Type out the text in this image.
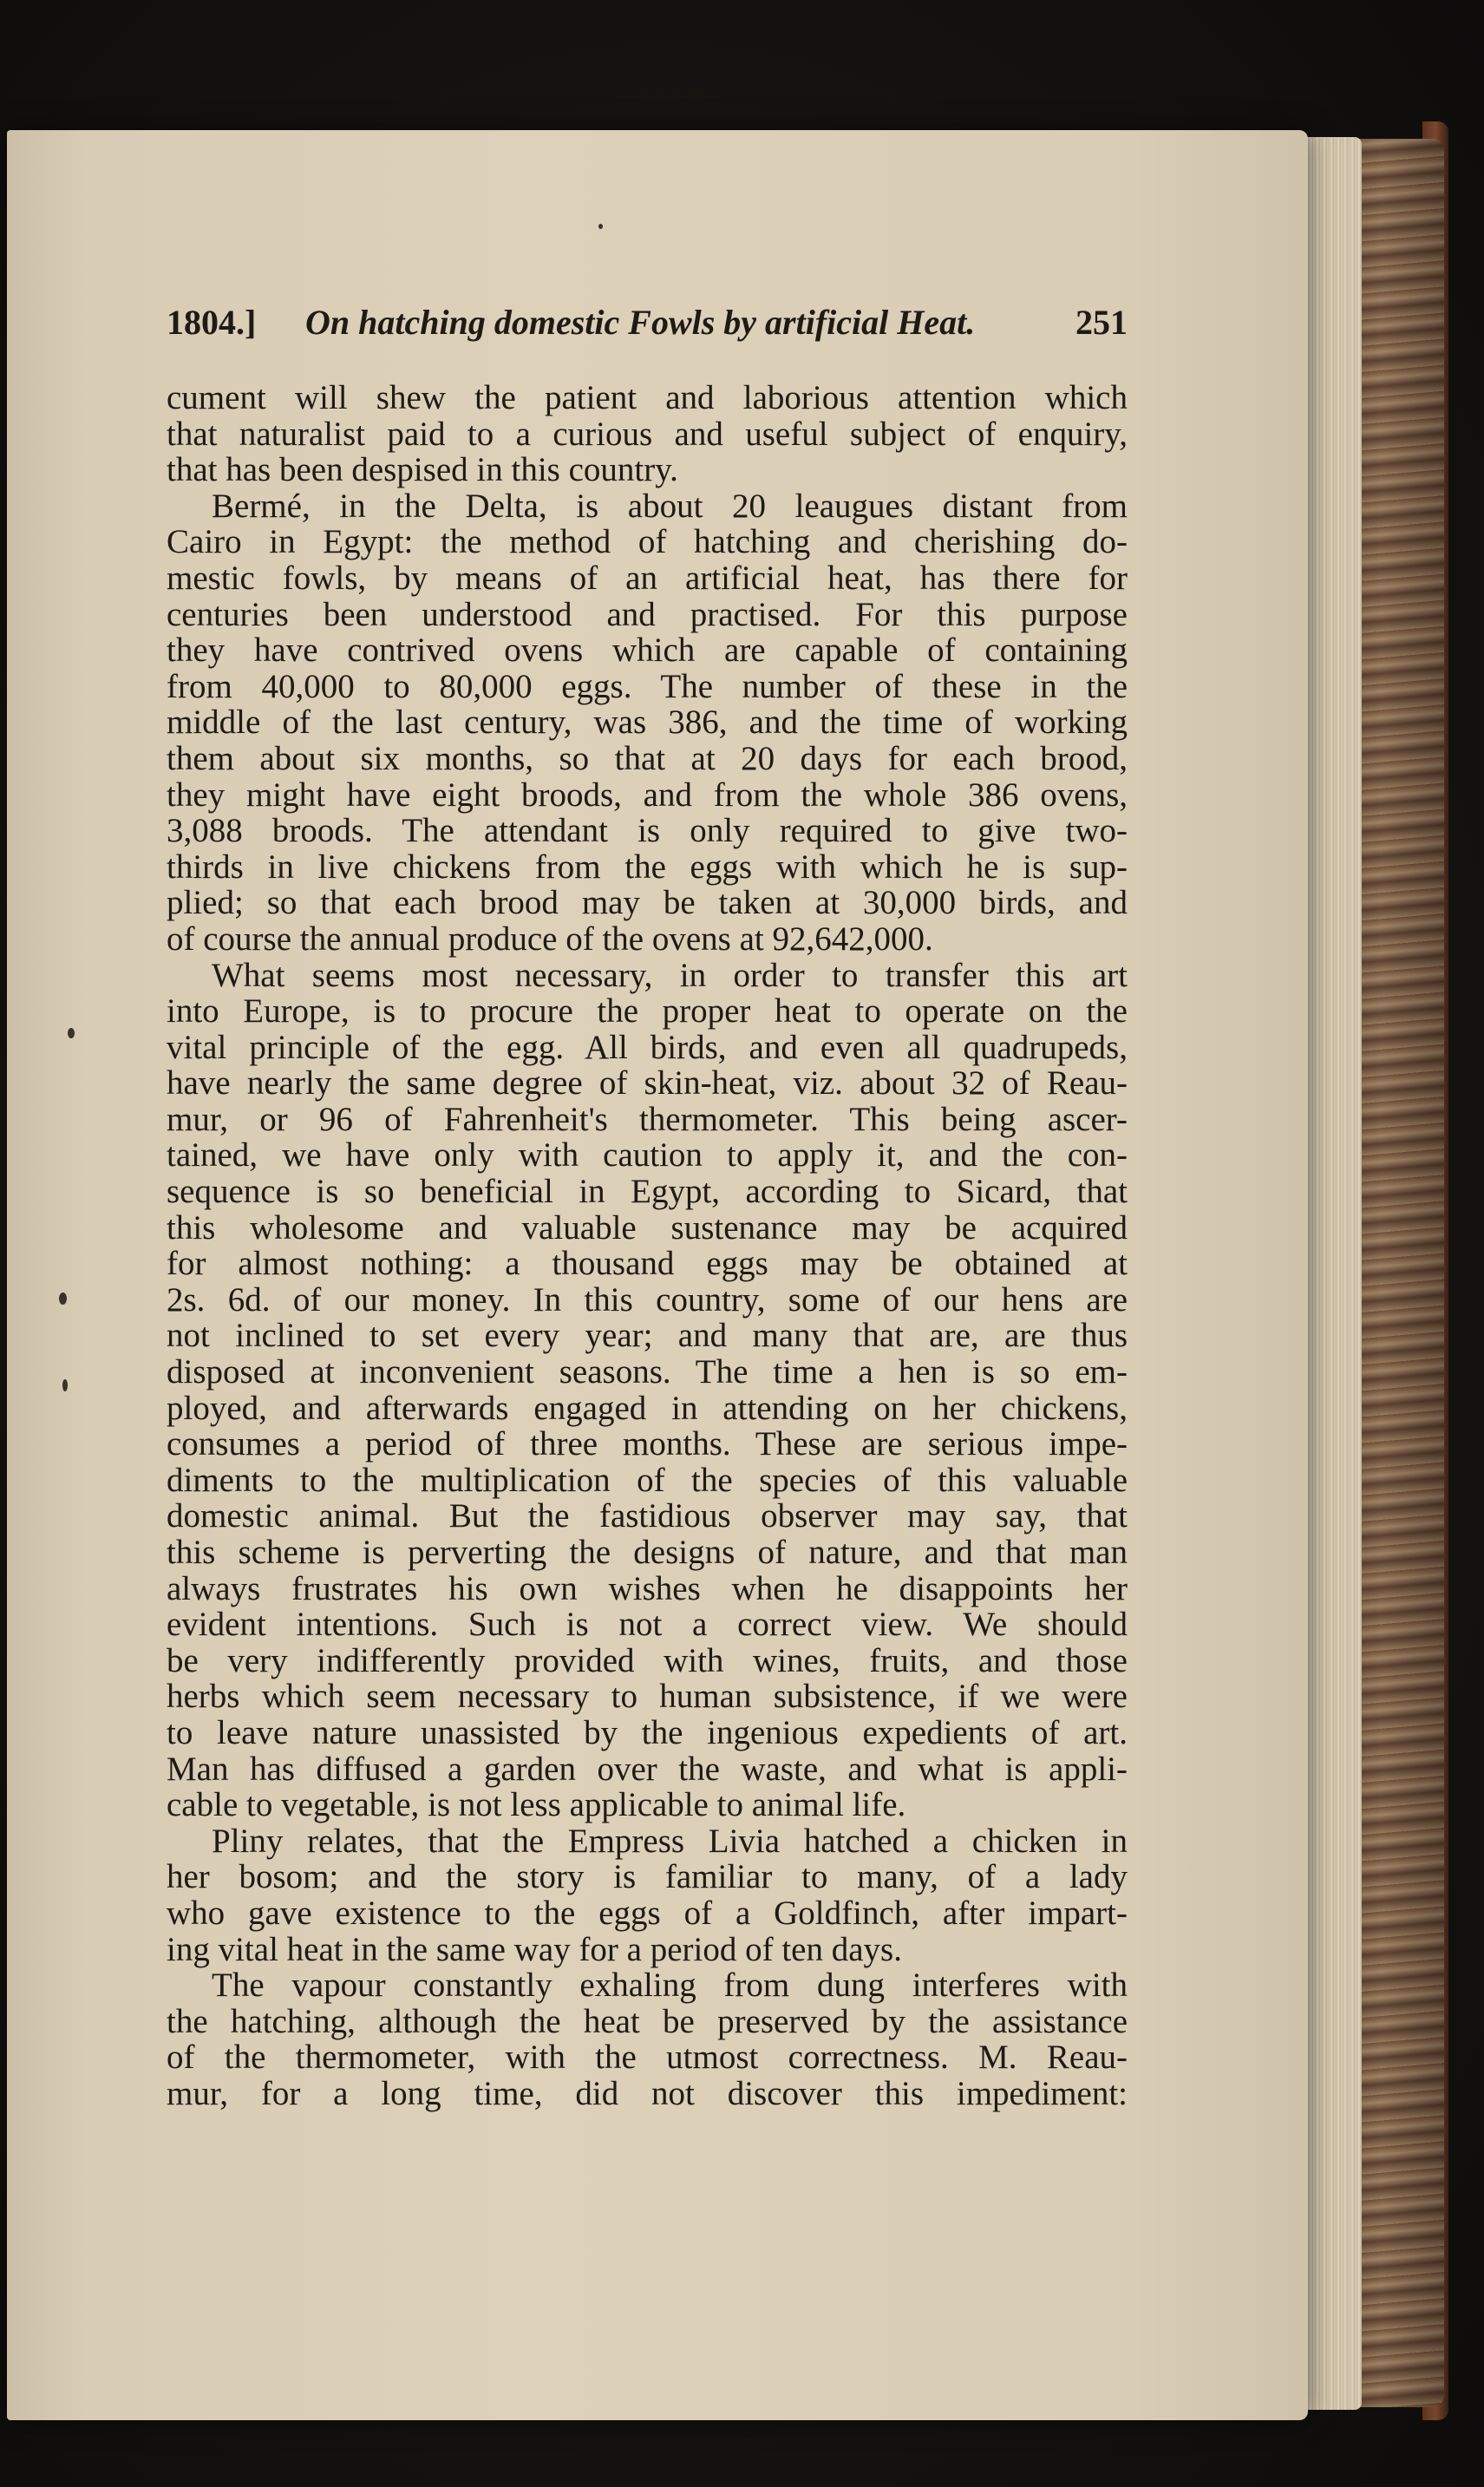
1804.] On hatching domestic Fowls by artificial Heat.	251
cument will shew the patient and laborious attention which
that naturalist paid to a curious and useful subject of enquiry,
that has been despised in this country.
Bermé, in the Delta, is about 20 leaugues distant from
Cairo in Egypt: the method of hatching and cherishing do-
mestic fowls, by means of an artificial heat, has there for
centuries been understood and practised. For this purpose
they have contrived ovens which are capable of containing
from 40,000 to 80,000 eggs. The number of these in the
middle of the last century, was 386, and the time of working
them about six months, so that at 20 days for each brood,
they might have eight broods, and from the whole 386 ovens,
3,088 broods. The attendant is only required to give two-
thirds in live chickens from the eggs with which he is sup-
plied; so that each brood may be taken at 30,000 birds, and
of course the annual produce of the ovens at 92,642,000.
What seems most necessary, in order to transfer this art
into Europe, is to procure the proper heat to operate on the
vital principle of the egg. All birds, and even all quadrupeds,
have nearly the same degree of skin-heat, viz. about 32 of Reau-
mur, or 96 of Fahrenheit's thermometer. This being ascer-
tained, we have only with caution to apply it, and the con-
sequence is so beneficial in Egypt, according to Sicard, that
this wholesome and valuable sustenance may be acquired
for almost nothing: a thousand eggs may be obtained at
2s. 6d. of our money. In this country, some of our hens are
not inclined to set every year; and many that are, are thus
disposed at inconvenient seasons. The time a hen is so em-
ployed, and afterwards engaged in attending on her chickens,
consumes a period of three months. These are serious impe-
diments to the multiplication of the species of this valuable
domestic animal. But the fastidious observer may say, that
this scheme is perverting the designs of nature, and that man
always frustrates his own wishes when he disappoints her
evident intentions. Such is not a correct view. We should
be very indifferently provided with wines, fruits, and those
herbs which seem necessary to human subsistence, if we were
to leave nature unassisted by the ingenious expedients of art.
Man has diffused a garden over the waste, and what is appli-
cable to vegetable, is not less applicable to animal life.
Pliny relates, that the Empress Livia hatched a chicken in
her bosom; and the story is familiar to many, of a lady
who gave existence to the eggs of a Goldfinch, after impart-
ing vital heat in the same way for a period of ten days.
The vapour constantly exhaling from dung interferes with
the hatching, although the heat be preserved by the assistance
of the thermometer, with the utmost correctness. M. Reau-
mur, for a long time, did not discover this impediment:
